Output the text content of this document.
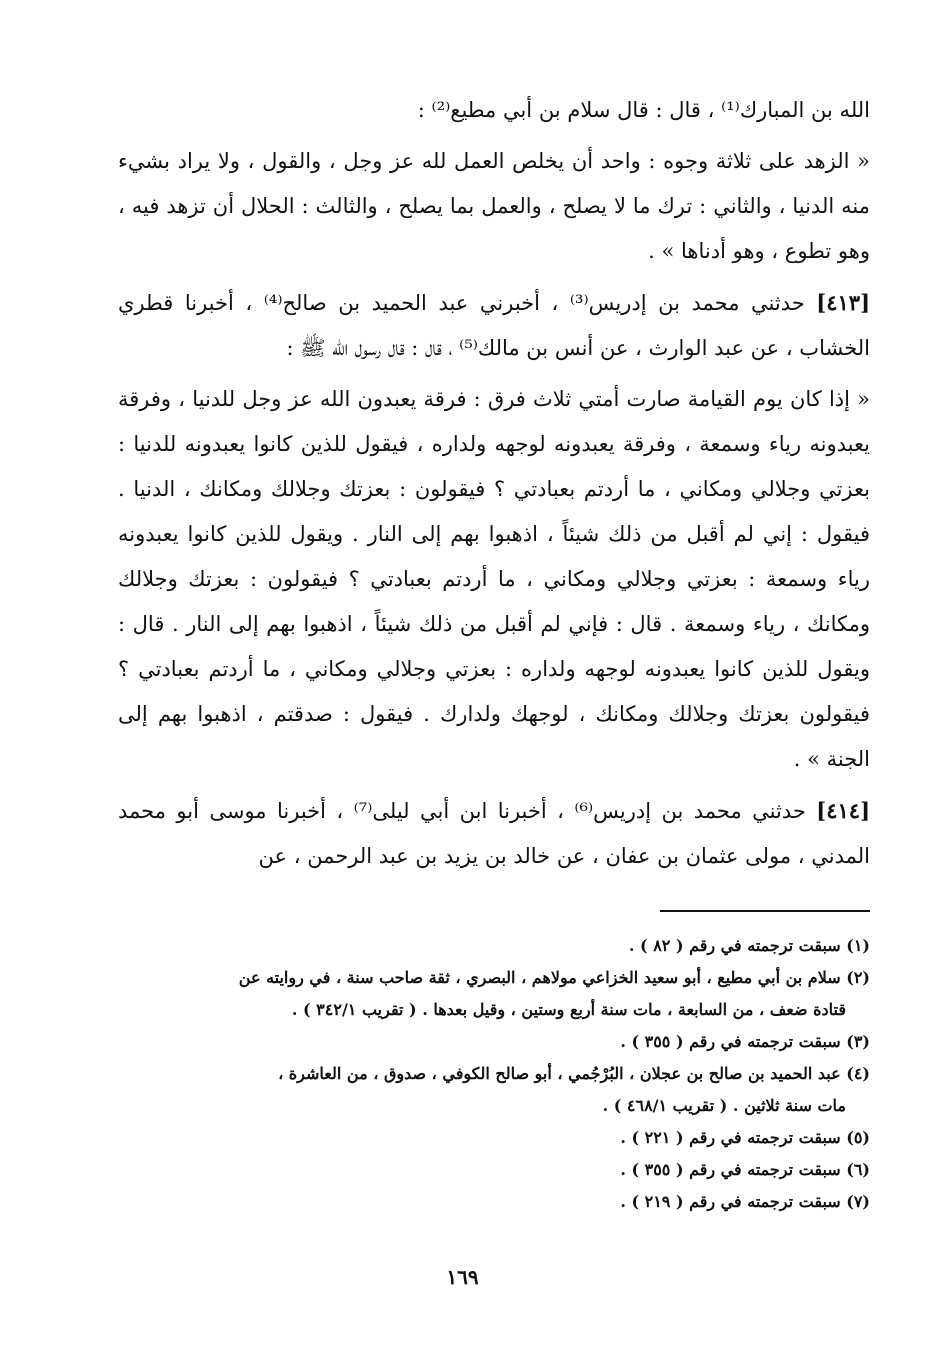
الله بن المبارك⁽¹⁾ ، قال : قال سلام بن أبي مطيع⁽²⁾ :

« الزهد على ثلاثة وجوه : واحد أن يخلص العمل لله عز وجل ، والقول ، ولا يراد بشيء منه الدنيا ، والثاني : ترك ما لا يصلح ، والعمل بما يصلح ، والثالث : الحلال أن تزهد فيه ، وهو تطوع ، وهو أدناها » .

[٤١٣] حدثني محمد بن إدريس⁽³⁾ ، أخبرني عبد الحميد بن صالح⁽⁴⁾ ، أخبرنا قطري الخشاب ، عن عبد الوارث ، عن أنس بن مالك⁽⁵⁾ ، قال : قال رسول الله ﷺ :

« إذا كان يوم القيامة صارت أمتي ثلاث فرق : فرقة يعبدون الله عز وجل للدنيا ، وفرقة يعبدونه رياء وسمعة ، وفرقة يعبدونه لوجهه ولداره ، فيقول للذين كانوا يعبدونه للدنيا : بعزتي وجلالي ومكاني ، ما أردتم بعبادتي ؟ فيقولون : بعزتك وجلالك ومكانك ، الدنيا . فيقول : إني لم أقبل من ذلك شيئاً ، اذهبوا بهم إلى النار . ويقول للذين كانوا يعبدونه رياء وسمعة : بعزتي وجلالي ومكاني ، ما أردتم بعبادتي ؟ فيقولون : بعزتك وجلالك ومكانك ، رياء وسمعة . قال : فإني لم أقبل من ذلك شيئاً ، اذهبوا بهم إلى النار . قال : ويقول للذين كانوا يعبدونه لوجهه ولداره : بعزتي وجلالي ومكاني ، ما أردتم بعبادتي ؟ فيقولون بعزتك وجلالك ومكانك ، لوجهك ولدارك . فيقول : صدقتم ، اذهبوا بهم إلى الجنة » .

[٤١٤] حدثني محمد بن إدريس⁽⁶⁾ ، أخبرنا ابن أبي ليلى⁽⁷⁾ ، أخبرنا موسى أبو محمد المدني ، مولى عثمان بن عفان ، عن خالد بن يزيد بن عبد الرحمن ، عن

(١) سبقت ترجمته في رقم ( ٨٢ ) .

(٢) سلام بن أبي مطيع ، أبو سعيد الخزاعي مولاهم ، البصري ، ثقة صاحب سنة ، في روايته عن

قتادة ضعف ، من السابعة ، مات سنة أربع وستين ، وقيل بعدها . ( تقريب ٣٤٢/١ ) .

(٣) سبقت ترجمته في رقم ( ٣٥٥ ) .

(٤) عبد الحميد بن صالح بن عجلان ، البُرْجُمي ، أبو صالح الكوفي ، صدوق ، من العاشرة ،

مات سنة ثلاثين . ( تقريب ٤٦٨/١ ) .

(٥) سبقت ترجمته في رقم ( ٢٢١ ) .

(٦) سبقت ترجمته في رقم ( ٣٥٥ ) .

(٧) سبقت ترجمته في رقم ( ٢١٩ ) .

١٦٩
